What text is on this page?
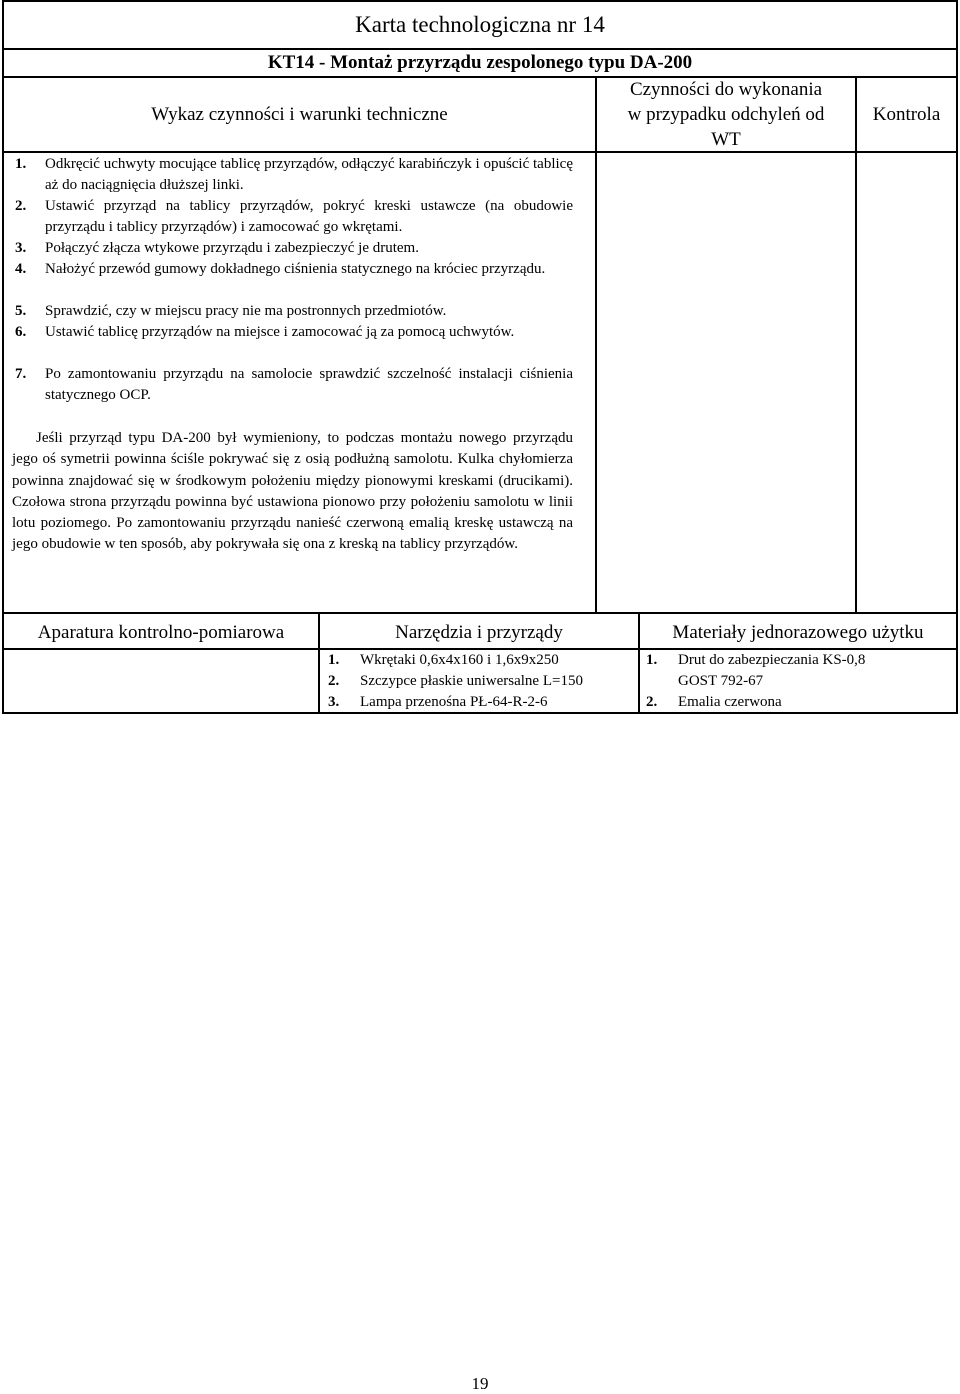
Karta technologiczna nr 14
KT14 - Montaż przyrządu zespolonego typu DA-200
Wykaz czynności i warunki techniczne
Czynności do wykonania
w przypadku odchyleń od
WT
Kontrola
1. Odkręcić uchwyty mocujące tablicę przyrządów, odłączyć karabińczyk i opuścić tablicę aż do naciągnięcia dłuższej linki.
2. Ustawić przyrząd na tablicy przyrządów, pokryć kreski ustawcze (na obudowie przyrządu i tablicy przyrządów) i zamocować go wkrętami.
3. Połączyć złącza wtykowe przyrządu i zabezpieczyć je drutem.
4. Nałożyć przewód gumowy dokładnego ciśnienia statycznego na króciec przyrządu.
5. Sprawdzić, czy w miejscu pracy nie ma postronnych przedmiotów.
6. Ustawić tablicę przyrządów na miejsce i zamocować ją za pomocą uchwytów.
7. Po zamontowaniu przyrządu na samolocie sprawdzić szczelność instalacji ciśnienia statycznego OCP.
Jeśli przyrząd typu DA-200 był wymieniony, to podczas montażu nowego przyrządu jego oś symetrii powinna ściśle pokrywać się z osią podłużną samolotu. Kulka chyłomierza powinna znajdować się w środkowym położeniu między pionowymi kreskami (drucikami). Czołowa strona przyrządu powinna być ustawiona pionowo przy położeniu samolotu w linii lotu poziomego. Po zamontowaniu przyrządu nanieść czerwoną emalią kreskę ustawczą na jego obudowie w ten sposób, aby pokrywała się ona z kreską na tablicy przyrządów.
Aparatura kontrolno-pomiarowa	Narzędzia i przyrządy	Materiały jednorazowego użytku
1. Wkrętaki 0,6x4x160 i 1,6x9x250
2. Szczypce płaskie uniwersalne L=150
3. Lampa przenośna PŁ-64-R-2-6
1. Drut do zabezpieczania KS-0,8
GOST 792-67
2. Emalia czerwona
19
